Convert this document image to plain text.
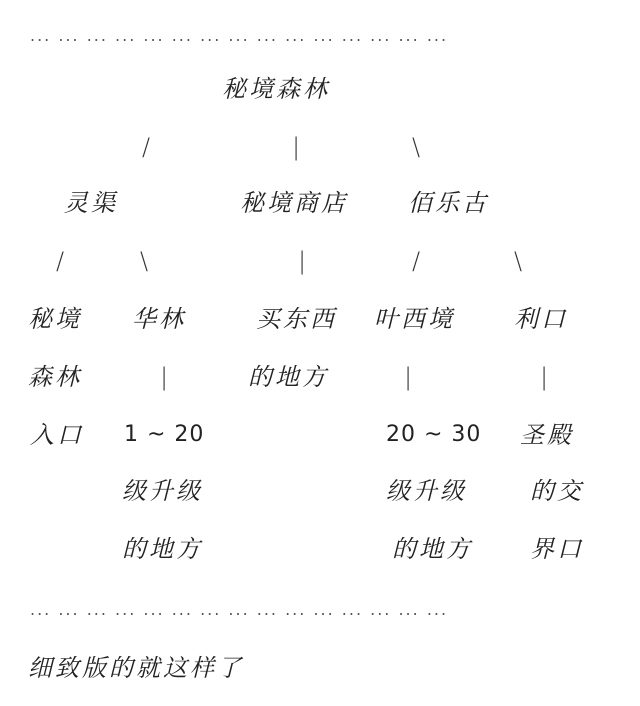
... ... ... ... ... ... ... ... ... ... ... ... ... ... ...
秘境森林
/	|	\
灵渠	秘境商店	佰乐古
/	\	|	/	\
秘境
森林
入口
华林
|
1 ~ 20
级升级
的地方
买东西
的地方
叶西境
|
20 ~ 30
级升级
的地方
利口
|
圣殿
的交
界口
... ... ... ... ... ... ... ... ... ... ... ... ... ... ...
细致版的就这样了
